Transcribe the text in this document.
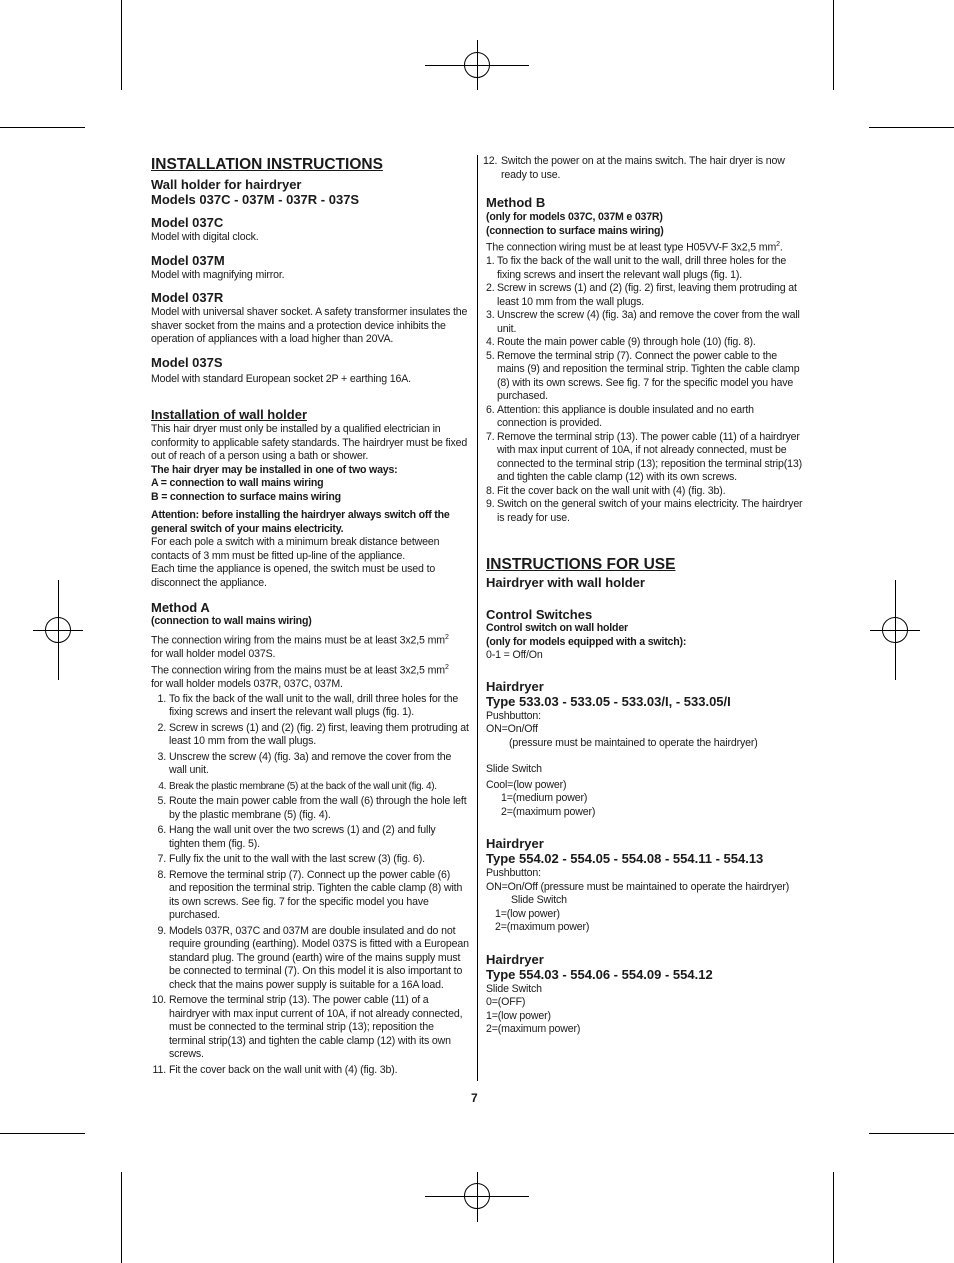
INSTALLATION INSTRUCTIONS

Wall holder for hairdryer

Models 037C - 037M - 037R - 037S

Model 037C

Model with digital clock.

Model 037M

Model with magnifying mirror.

Model 037R

Model with universal shaver socket. A safety transformer insulates the shaver socket from the mains and a protection device inhibits the operation of appliances with a load higher than 20VA.

Model 037S

Model with standard European socket 2P + earthing 16A.

Installation of wall holder

This hair dryer must only be installed by a qualified electrician in conformity to applicable safety standards. The hairdryer must be fixed out of reach of a person using a bath or shower.

The hair dryer may be installed in one of two ways:

A = connection to wall mains wiring

B = connection to surface mains wiring

Attention: before installing the hairdryer always switch off the general switch of your mains electricity.

For each pole a switch with a minimum break distance between contacts of 3 mm must be fitted up-line of the appliance.

Each time the appliance is opened, the switch must be used to disconnect the appliance.

Method A

(connection to wall mains wiring)

The connection wiring from the mains must be at least 3x2,5 $mm^2$
for wall holder model 037S.

The connection wiring from the mains must be at least 3x2,5 $mm^2$
for wall holder models 037R, 037C, 037M.

1. To fix the back of the wall unit to the wall, drill three holes for the fixing screws and insert the relevant wall plugs (fig. 1).
2. Screw in screws (1) and (2) (fig. 2) first, leaving them protruding at least 10 mm from the wall plugs.
3. Unscrew the screw (4) (fig. 3a) and remove the cover from the wall unit.
4. Break the plastic membrane (5) at the back of the wall unit (fig. 4).
5. Route the main power cable from the wall (6) through the hole left by the plastic membrane (5) (fig. 4).
6. Hang the wall unit over the two screws (1) and (2) and fully tighten them (fig. 5).
7. Fully fix the unit to the wall with the last screw (3) (fig. 6).
8. Remove the terminal strip (7). Connect up the power cable (6) and reposition the terminal strip. Tighten the cable clamp (8) with its own screws. See fig. 7 for the specific model you have purchased.
9. Models 037R, 037C and 037M are double insulated and do not require grounding (earthing). Model 037S is fitted with a European standard plug. The ground (earth) wire of the mains supply must be connected to terminal (7). On this model it is also important to check that the mains power supply is suitable for a 16A load.
10. Remove the terminal strip (13). The power cable (11) of a hairdryer with max input current of 10A, if not already connected, must be connected to the terminal strip (13); reposition the terminal strip(13) and tighten the cable clamp (12) with its own screws.
11. Fit the cover back on the wall unit with (4) (fig. 3b).
12. Switch the power on at the mains switch. The hair dryer is now ready to use.

Method B

(only for models 037C, 037M e 037R)

(connection to surface mains wiring)

The connection wiring must be at least type H05VV-F 3x2,5 $mm^2$.

1. To fix the back of the wall unit to the wall, drill three holes for the fixing screws and insert the relevant wall plugs (fig. 1).
2. Screw in screws (1) and (2) (fig. 2) first, leaving them protruding at least 10 mm from the wall plugs.
3. Unscrew the screw (4) (fig. 3a) and remove the cover from the wall unit.
4. Route the main power cable (9) through hole (10) (fig. 8).
5. Remove the terminal strip (7). Connect the power cable to the mains (9) and reposition the terminal strip. Tighten the cable clamp (8) with its own screws. See fig. 7 for the specific model you have purchased.
6. Attention: this appliance is double insulated and no earth connection is provided.
7. Remove the terminal strip (13). The power cable (11) of a hairdryer with max input current of 10A, if not already connected, must be connected to the terminal strip (13); reposition the terminal strip(13) and tighten the cable clamp (12) with its own screws.
8. Fit the cover back on the wall unit with (4) (fig. 3b).
9. Switch on the general switch of your mains electricity. The hairdryer is ready for use.

INSTRUCTIONS FOR USE

Hairdryer with wall holder

Control Switches

Control switch on wall holder

(only for models equipped with a switch):

0-1 = Off/On

Hairdryer

Type 533.03 - 533.05 - 533.03/I, - 533.05/I

Pushbutton:

ON=On/Off

(pressure must be maintained to operate the hairdryer)

Slide Switch

Cool=(low power)

1=(medium power)

2=(maximum power)

Hairdryer

Type 554.02 - 554.05 - 554.08 - 554.11 - 554.13

Pushbutton:

ON=On/Off (pressure must be maintained to operate the hairdryer)

Slide Switch

1=(low power)

2=(maximum power)

Hairdryer

Type 554.03 - 554.06 - 554.09 - 554.12

Slide Switch

0=(OFF)

1=(low power)

2=(maximum power)

7
